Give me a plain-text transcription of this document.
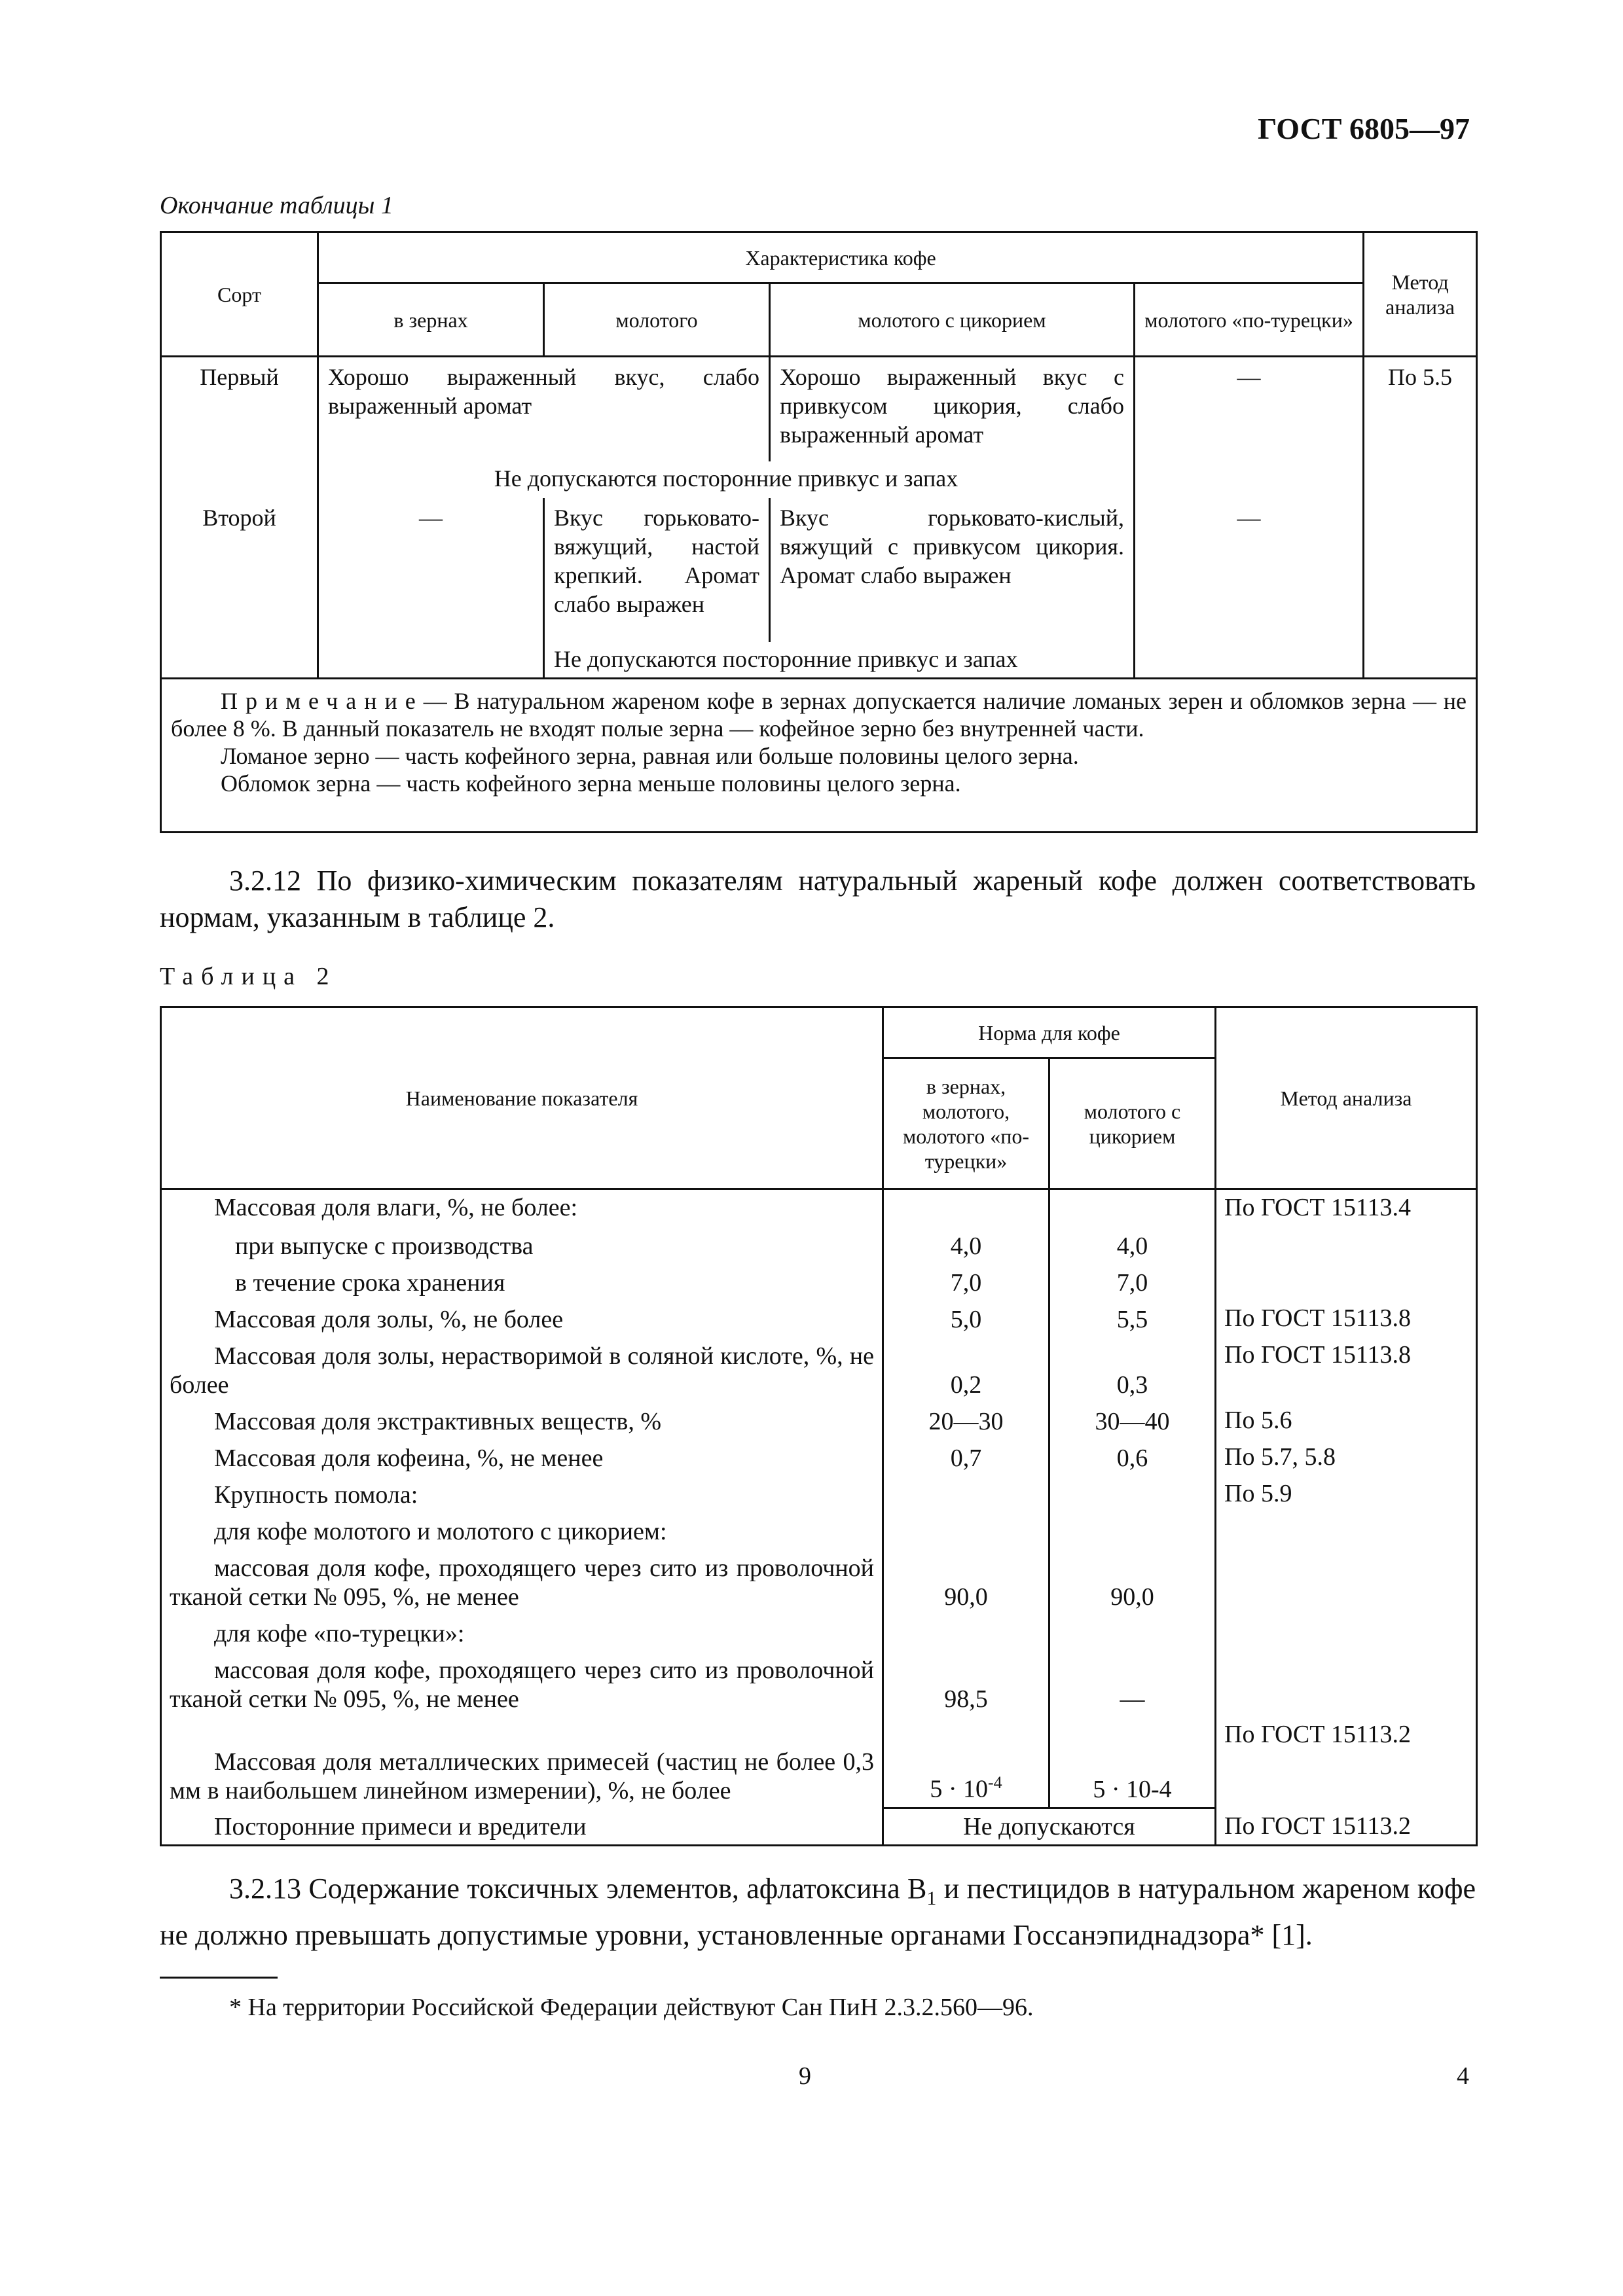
ГОСТ 6805—97
Окончание таблицы 1
Сорт	Характеристика кофе				Метод анализа
	в зернах	молотого	молотого с цикорием	молотого «по-турецки»	
Первый	Хорошо выраженный вкус, слабо выраженный аромат		Хорошо выраженный вкус с привкусом цикория, слабо выраженный аромат	—	По 5.5
	Не допускаются посторонние привкус и запах				
Второй	—	Вкус горьковато-вяжущий, настой крепкий. Аромат слабо выражен	Вкус горьковато-кислый, вяжущий с привкусом цикория. Аромат слабо выражен	—	
		Не допускаются посторонние привкус и запах			

Примечание— В натуральном жареном кофе в зернах допускается наличие ломаных зерен и обломков зерна — не более 8 %. В данный показатель не входят полые зерна — кофейное зерно без внутренней части.
Ломаное зерно — часть кофейного зерна, равная или больше половины целого зерна.
Обломок зерна — часть кофейного зерна меньше половины целого зерна.					
3.2.12 По физико-химическим показателям натуральный жареный кофе должен соответствовать нормам, указанным в таблице 2.
Таблица 2
Наименование показателя	Норма для кофе		Метод анализа
	в зернах, молотого, молотого «по-турецки»	молотого с цикорием	
Массовая доля влаги, %, не более:			По ГОСТ 15113.4
при выпуске с производства	4,0	4,0	
в течение срока хранения	7,0	7,0	
Массовая доля золы, %, не более	5,0	5,5	По ГОСТ 15113.8
Массовая доля золы, нерастворимой в соляной кислоте, %, не более	0,2	0,3	По ГОСТ 15113.8
Массовая доля экстрактивных веществ, %	20—30	30—40	По 5.6
Массовая доля кофеина, %, не менее	0,7	0,6	По 5.7, 5.8
Крупность помола:			По 5.9
для кофе молотого и молотого с цикорием:			
массовая доля кофе, проходящего через сито из проволочной тканой сетки № 095, %, не менее	90,0	90,0	
для кофе «по-турецки»:			
массовая доля кофе, проходящего через сито из проволочной тканой сетки № 095, %, не менее	98,5	—	
Массовая доля металлических примесей (частиц не более 0,3 мм в наибольшем линейном измерении), %, не более	$5 \cdot 10^{-4}$	5 · 10-4	По ГОСТ 15113.2
Посторонние примеси и вредители	Не допускаются		По ГОСТ 15113.2
3.2.13 Содержание токсичных элементов, афлатоксина $В_1$ и пестицидов в натуральном жареном кофе не должно превышать допустимые уровни, установленные органами Госсанэпиднадзора* [1].
* На территории Российской Федерации действуют Сан ПиН 2.3.2.560—96.
9	4
